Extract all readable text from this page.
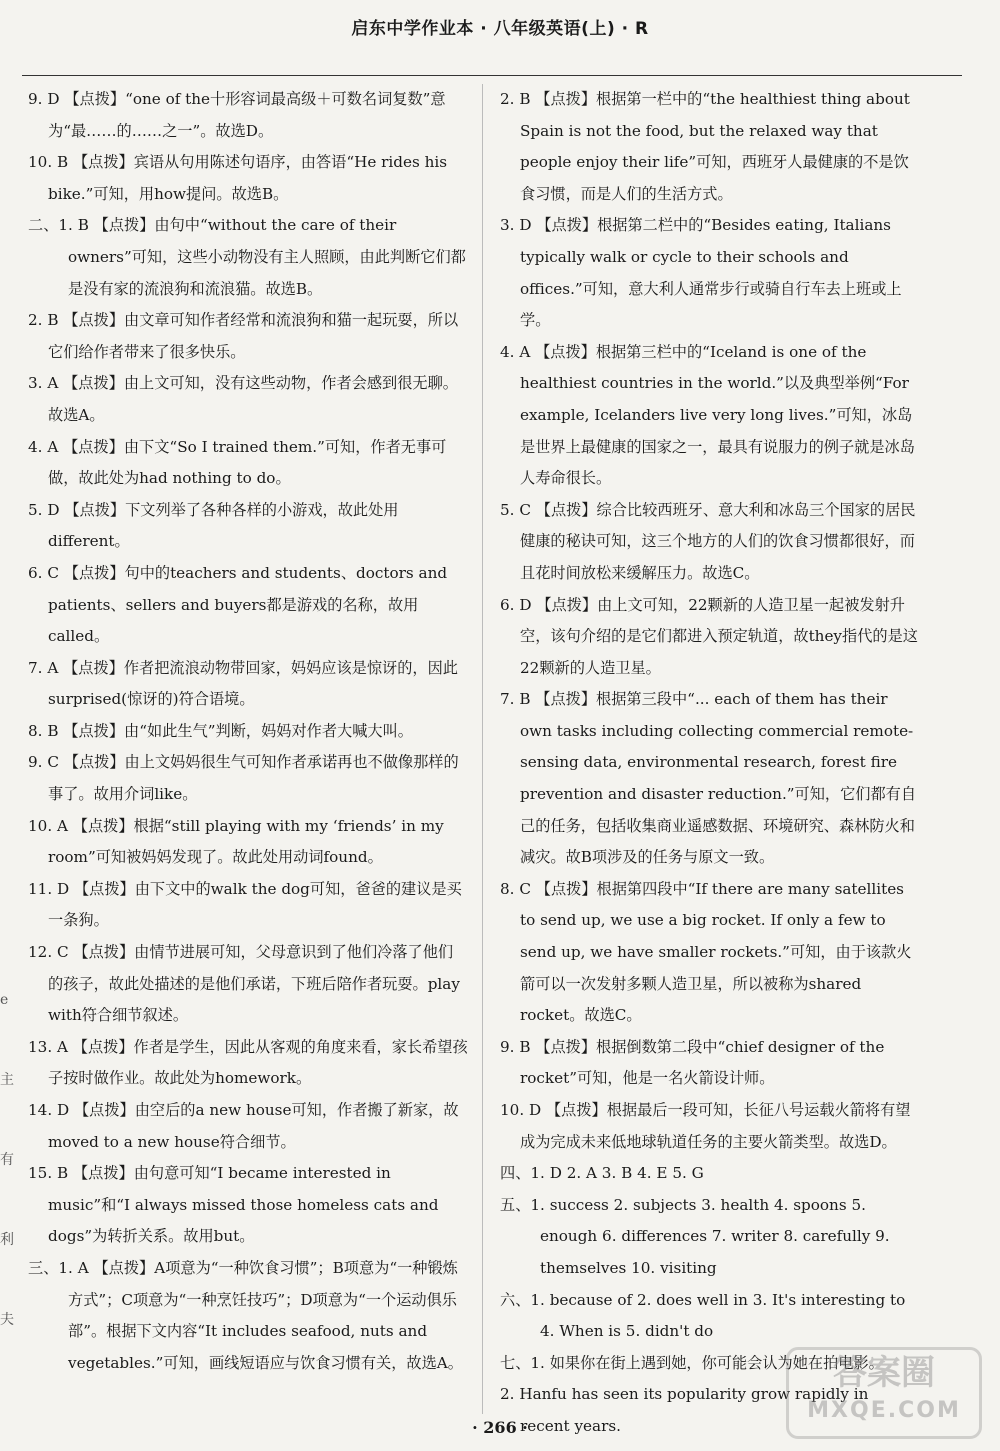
启东中学作业本 · 八年级英语(上) · R

9. D 【点拨】“one of the十形容词最高级＋可数名词复数”意为“最……的……之一”。故选D。

10. B 【点拨】宾语从句用陈述句语序，由答语“He rides his bike.”可知，用how提问。故选B。

二、1. B 【点拨】由句中“without the care of their owners”可知，这些小动物没有主人照顾，由此判断它们都是没有家的流浪狗和流浪猫。故选B。

2. B 【点拨】由文章可知作者经常和流浪狗和猫一起玩耍，所以它们给作者带来了很多快乐。

3. A 【点拨】由上文可知，没有这些动物，作者会感到很无聊。故选A。

4. A 【点拨】由下文“So I trained them.”可知，作者无事可做，故此处为had nothing to do。

5. D 【点拨】下文列举了各种各样的小游戏，故此处用different。

6. C 【点拨】句中的teachers and students、doctors and patients、sellers and buyers都是游戏的名称，故用called。

7. A 【点拨】作者把流浪动物带回家，妈妈应该是惊讶的，因此surprised(惊讶的)符合语境。

8. B 【点拨】由“如此生气”判断，妈妈对作者大喊大叫。

9. C 【点拨】由上文妈妈很生气可知作者承诺再也不做像那样的事了。故用介词like。

10. A 【点拨】根据“still playing with my ‘friends’ in my room”可知被妈妈发现了。故此处用动词found。

11. D 【点拨】由下文中的walk the dog可知，爸爸的建议是买一条狗。

12. C 【点拨】由情节进展可知，父母意识到了他们冷落了他们的孩子，故此处描述的是他们承诺，下班后陪作者玩耍。play with符合细节叙述。

13. A 【点拨】作者是学生，因此从客观的角度来看，家长希望孩子按时做作业。故此处为homework。

14. D 【点拨】由空后的a new house可知，作者搬了新家，故moved to a new house符合细节。

15. B 【点拨】由句意可知“I became interested in music”和“I always missed those homeless cats and dogs”为转折关系。故用but。

三、1. A 【点拨】A项意为“一种饮食习惯”；B项意为“一种锻炼方式”；C项意为“一种烹饪技巧”；D项意为“一个运动俱乐部”。根据下文内容“It includes seafood, nuts and vegetables.”可知，画线短语应与饮食习惯有关，故选A。

2. B 【点拨】根据第一栏中的“the healthiest thing about Spain is not the food, but the relaxed way that people enjoy their life”可知，西班牙人最健康的不是饮食习惯，而是人们的生活方式。

3. D 【点拨】根据第二栏中的“Besides eating, Italians typically walk or cycle to their schools and offices.”可知，意大利人通常步行或骑自行车去上班或上学。

4. A 【点拨】根据第三栏中的“Iceland is one of the healthiest countries in the world.”以及典型举例“For example, Icelanders live very long lives.”可知，冰岛是世界上最健康的国家之一，最具有说服力的例子就是冰岛人寿命很长。

5. C 【点拨】综合比较西班牙、意大利和冰岛三个国家的居民健康的秘诀可知，这三个地方的人们的饮食习惯都很好，而且花时间放松来缓解压力。故选C。

6. D 【点拨】由上文可知，22颗新的人造卫星一起被发射升空，该句介绍的是它们都进入预定轨道，故they指代的是这22颗新的人造卫星。

7. B 【点拨】根据第三段中“... each of them has their own tasks including collecting commercial remote-sensing data, environmental research, forest fire prevention and disaster reduction.”可知，它们都有自己的任务，包括收集商业遥感数据、环境研究、森林防火和减灾。故B项涉及的任务与原文一致。

8. C 【点拨】根据第四段中“If there are many satellites to send up, we use a big rocket. If only a few to send up, we have smaller rockets.”可知，由于该款火箭可以一次发射多颗人造卫星，所以被称为shared rocket。故选C。

9. B 【点拨】根据倒数第二段中“chief designer of the rocket”可知，他是一名火箭设计师。

10. D 【点拨】根据最后一段可知，长征八号运载火箭将有望成为完成未来低地球轨道任务的主要火箭类型。故选D。

四、1. D 2. A 3. B 4. E 5. G

五、1. success 2. subjects 3. health 4. spoons 5. enough 6. differences 7. writer 8. carefully 9. themselves 10. visiting

六、1. because of 2. does well in 3. It's interesting to 4. When is 5. didn't do

七、1. 如果你在街上遇到她，你可能会认为她在拍电影。

2. Hanfu has seen its popularity grow rapidly in recent years.

e
主
有
利
夫
· 266 ·
答案圈
MXQE.COM
